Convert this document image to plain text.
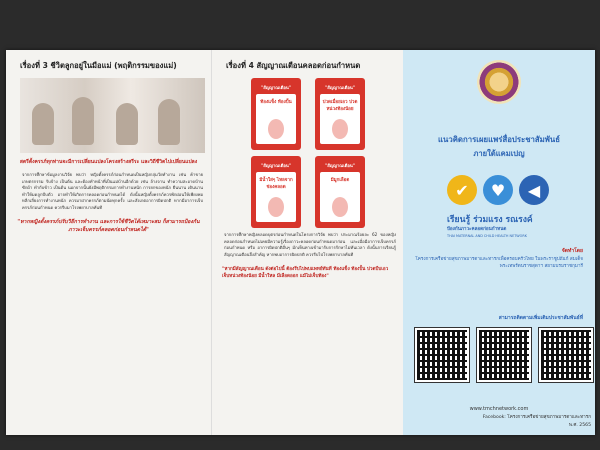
เรื่องที่ 3 ชีวิตลูกอยู่ในมือแม่ (พฤติกรรมของแม่)
สตรีตั้งครรภ์ทุกท่านจะมีการเปลี่ยนแปลงโครงสร้างสรีระ และวิถีชีวิตไปเปลี่ยนแปลง
จากการศึกษาข้อมูลงานวิจัย พบว่า หญิงตั้งครรภ์ก่อนกำหนดเป็นหญิงกลุ่มวัยทำงาน เช่น ค้าขาย เกษตรกรรม รับจ้าง เป็นต้น และต้องทำหน้าที่เป็นแม่บ้านอีกด้วย เช่น ล้างจาน ทำความสะอาดบ้าน ซักผ้า ทำกับข้าว เป็นต้น นอกจากนั้นยังมีพฤติกรรมการทำงานหนัก การยกของหนัก ยืนนาน เดินนาน ทำให้มดลูกบีบตัว อาจทำให้เกิดการคลอดก่อนกำหนดได้ ดังนั้นหญิงตั้งครรภ์ควรพักผ่อนให้เพียงพอ หลีกเลี่ยงการทำงานหนัก ควรมาฝากครรภ์ตามนัดทุกครั้ง และสังเกตอาการผิดปกติ หากมีอาการเจ็บครรภ์ก่อนกำหนด ควรรีบมาโรงพยาบาลทันที
"หากหญิงตั้งครรภ์ปรับวิธีการทำงาน และการใช้ชีวิตได้เหมาะสม ก็สามารถป้องกันภาวะเจ็บครรภ์คลอดก่อนกำหนดได้"
เรื่องที่ 4 สัญญาณเตือนคลอดก่อนกำหนด
"สัญญาณเตือน"
ท้องแข็ง ท้องปั้น
"สัญญาณเตือน"
ปวดเมื่อยเอว ปวดหน่วงท้องน้อย
"สัญญาณเตือน"
มีน้ำใสๆ ไหลจากช่องคลอด
"สัญญาณเตือน"
มีมูกเลือด
จากการศึกษาหญิงคลอดบุตรก่อนกำหนดในโครงการวิจัย พบว่า ประมาณร้อยละ 62 ของหญิงคลอดก่อนกำหนดไม่เคยมีความรู้เรื่องภาวะคลอดก่อนกำหนดมาก่อน และเมื่อมีอาการเจ็บครรภ์ก่อนกำหนด หรือ อาการผิดปกติอื่นๆ มักเห็นทางเข้ามารับการรักษาไม่ทันเวลา ดังนั้นการเรียนรู้สัญญาณเตือนจึงสำคัญ หากพบอาการผิดปกติ ควรรีบไปโรงพยาบาลทันที
"หากมีสัญญาณเตือน ดังต่อไปนี้ ต้องรีบไปพบแพทย์ทันที ท้องแข็ง ท้องปั้น ปวดบีบเอว เจ็บหน่วงท้องน้อย มีน้ำใหล มีเลือดออก แม้ไม่เจ็บท้อง"
แนวคิดการเผยแพร่สื่อประชาสัมพันธ์
ภายใต้แคมเปญ
✔	♥	◀
เรียนรู้ ร่วมแรง รณรงค์
ป้องกันภาวะคลอดก่อนกำหนด
THAI MATERNAL AND CHILD HEALTH NETWORK
จัดทำโดย
โครงการเครือข่ายสุขภาพมารดาและทารกเพื่อครอบครัวไทย ในพระราชูปถัมภ์ สมเด็จพระเทพรัตนราชสุดาฯ สยามบรมราชกุมารี
สามารถติดตามเพิ่มเติมประชาสัมพันธ์ที่
www.tmchnetwork.com
Facebook: โครงการเครือข่ายสุขภาพมารดาและทารก
พ.ศ. 2565
